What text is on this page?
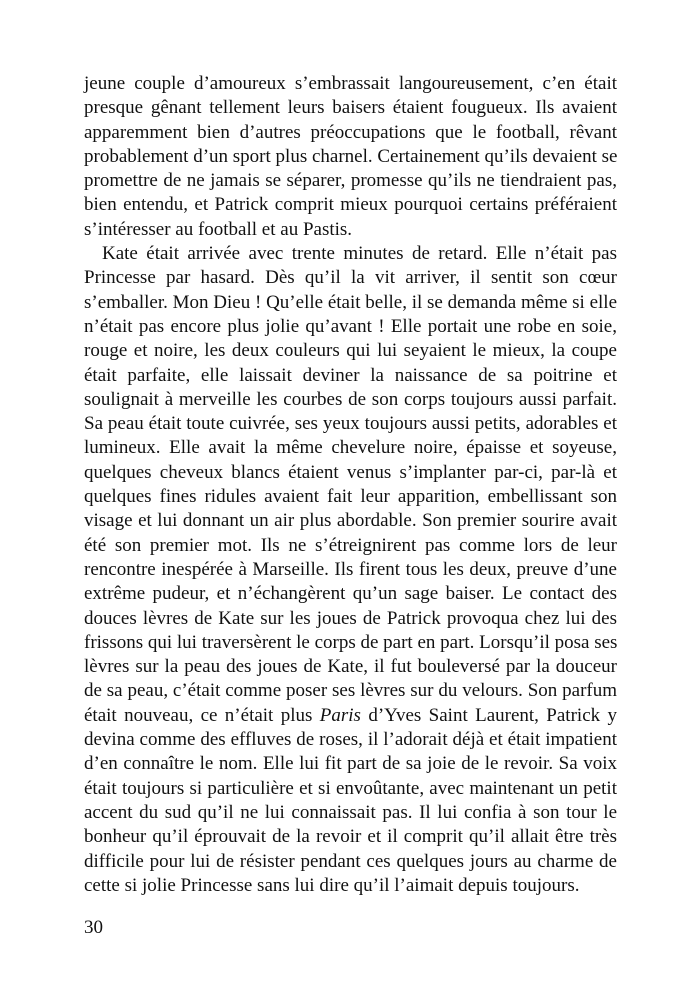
jeune couple d’amoureux s’embrassait langoureusement, c’en était
presque gênant tellement leurs baisers étaient fougueux. Ils avaient
apparemment bien d’autres préoccupations que le football, rêvant
probablement d’un sport plus charnel. Certainement qu’ils devaient se
promettre de ne jamais se séparer, promesse qu’ils ne tiendraient pas,
bien entendu, et Patrick comprit mieux pourquoi certains préféraient
s’intéresser au football et au Pastis.
Kate était arrivée avec trente minutes de retard. Elle n’était pas
Princesse par hasard. Dès qu’il la vit arriver, il sentit son cœur
s’emballer. Mon Dieu ! Qu’elle était belle, il se demanda même si elle
n’était pas encore plus jolie qu’avant ! Elle portait une robe en soie,
rouge et noire, les deux couleurs qui lui seyaient le mieux, la coupe
était parfaite, elle laissait deviner la naissance de sa poitrine et
soulignait à merveille les courbes de son corps toujours aussi parfait.
Sa peau était toute cuivrée, ses yeux toujours aussi petits, adorables et
lumineux. Elle avait la même chevelure noire, épaisse et soyeuse,
quelques cheveux blancs étaient venus s’implanter par-ci, par-là et
quelques fines ridules avaient fait leur apparition, embellissant son
visage et lui donnant un air plus abordable. Son premier sourire avait
été son premier mot. Ils ne s’étreignirent pas comme lors de leur
rencontre inespérée à Marseille. Ils firent tous les deux, preuve d’une
extrême pudeur, et n’échangèrent qu’un sage baiser. Le contact des
douces lèvres de Kate sur les joues de Patrick provoqua chez lui des
frissons qui lui traversèrent le corps de part en part. Lorsqu’il posa ses
lèvres sur la peau des joues de Kate, il fut bouleversé par la douceur
de sa peau, c’était comme poser ses lèvres sur du velours. Son parfum
était nouveau, ce n’était plus Paris d’Yves Saint Laurent, Patrick y
devina comme des effluves de roses, il l’adorait déjà et était impatient
d’en connaître le nom. Elle lui fit part de sa joie de le revoir. Sa voix
était toujours si particulière et si envoûtante, avec maintenant un petit
accent du sud qu’il ne lui connaissait pas. Il lui confia à son tour le
bonheur qu’il éprouvait de la revoir et il comprit qu’il allait être très
difficile pour lui de résister pendant ces quelques jours au charme de
cette si jolie Princesse sans lui dire qu’il l’aimait depuis toujours.
30
